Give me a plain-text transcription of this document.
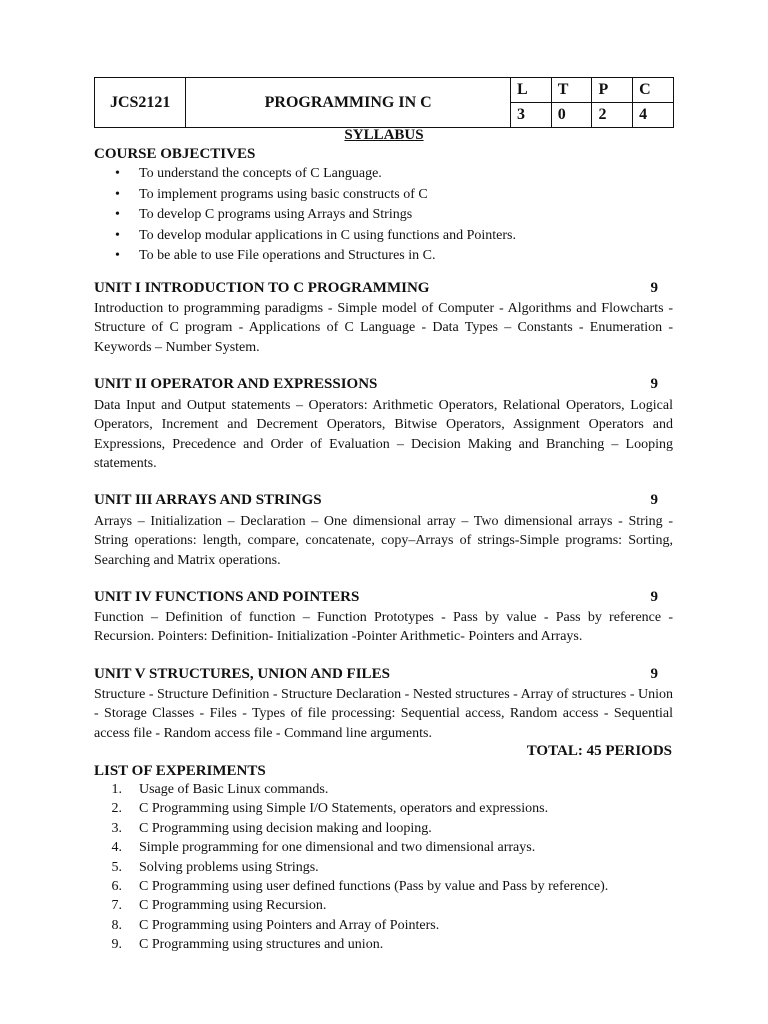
JCS2121	PROGRAMMING IN C	L	T	P	C
		3	0	2	4
SYLLABUS
COURSE OBJECTIVES
• To understand the concepts of C Language.
• To implement programs using basic constructs of C
• To develop C programs using Arrays and Strings
• To develop modular applications in C using functions and Pointers.
• To be able to use File operations and Structures in C.
UNIT I INTRODUCTION TO C PROGRAMMING	9
Introduction to programming paradigms - Simple model of Computer - Algorithms and Flowcharts - Structure of C program - Applications of C Language - Data Types – Constants - Enumeration - Keywords – Number System.
UNIT II OPERATOR AND EXPRESSIONS	9
Data Input and Output statements – Operators: Arithmetic Operators, Relational Operators, Logical Operators, Increment and Decrement Operators, Bitwise Operators, Assignment Operators and Expressions, Precedence and Order of Evaluation – Decision Making and Branching – Looping statements.
UNIT III ARRAYS AND STRINGS	9
Arrays – Initialization – Declaration – One dimensional array – Two dimensional arrays - String - String operations: length, compare, concatenate, copy–Arrays of strings-Simple programs: Sorting, Searching and Matrix operations.
UNIT IV FUNCTIONS AND POINTERS	9
Function – Definition of function – Function Prototypes - Pass by value - Pass by reference - Recursion. Pointers: Definition- Initialization -Pointer Arithmetic- Pointers and Arrays.
UNIT V STRUCTURES, UNION AND FILES	9
Structure - Structure Definition - Structure Declaration - Nested structures - Array of structures - Union - Storage Classes - Files - Types of file processing: Sequential access, Random access - Sequential access file - Random access file - Command line arguments.
TOTAL: 45 PERIODS
LIST OF EXPERIMENTS
1. Usage of Basic Linux commands.
2. C Programming using Simple I/O Statements, operators and expressions.
3. C Programming using decision making and looping.
4. Simple programming for one dimensional and two dimensional arrays.
5. Solving problems using Strings.
6. C Programming using user defined functions (Pass by value and Pass by reference).
7. C Programming using Recursion.
8. C Programming using Pointers and Array of Pointers.
9. C Programming using structures and union.
